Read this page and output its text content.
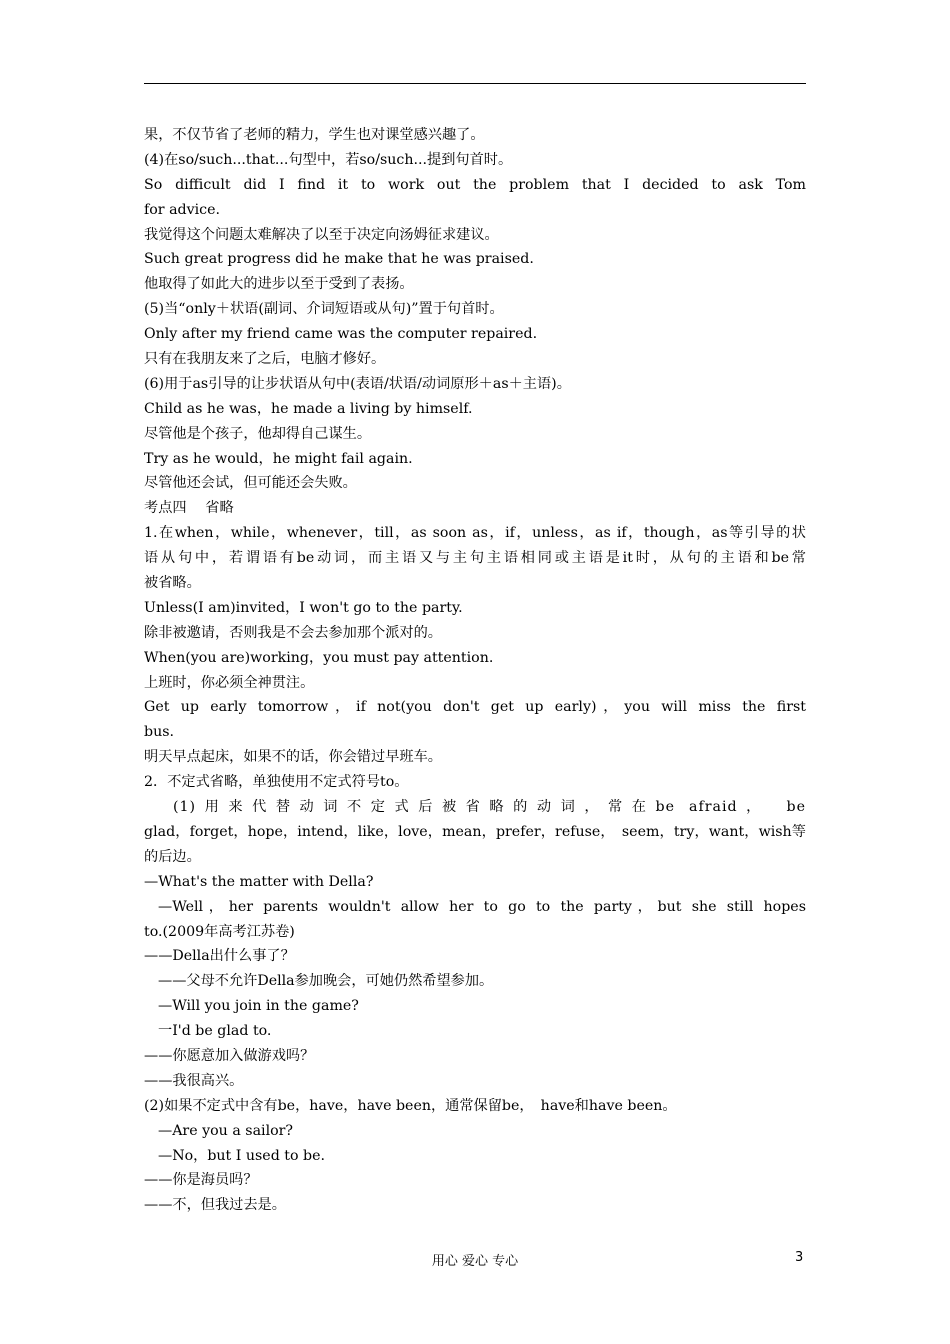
果，不仅节省了老师的精力，学生也对课堂感兴趣了。
(4)在so/such...that...句型中，若so/such...提到句首时。
So difficult did I find it to work out the problem that I decided to ask Tom
for advice.
我觉得这个问题太难解决了以至于决定向汤姆征求建议。
Such great progress did he make that he was praised.
他取得了如此大的进步以至于受到了表扬。
(5)当“only＋状语(副词、介词短语或从句)”置于句首时。
Only after my friend came was the computer repaired.
只有在我朋友来了之后，电脑才修好。
(6)用于as引导的让步状语从句中(表语/状语/动词原形＋as＋主语)。
Child as he was，he made a living by himself.
尽管他是个孩子，他却得自己谋生。
Try as he would，he might fail again.
尽管他还会试，但可能还会失败。
考点四　 省略
1.在when，while，whenever，till，as soon as，if，unless，as if，though，as等引导的状
语从句中，若谓语有be动词，而主语又与主句主语相同或主语是it时，从句的主语和be常
被省略。
Unless(I am)invited，I won't go to the party.
除非被邀请，否则我是不会去参加那个派对的。
When(you are)working，you must pay attention.
上班时，你必须全神贯注。
Get up early tomorrow，if not(you don't get up early)，you will miss the first
bus.
明天早点起床，如果不的话，你会错过早班车。
2．不定式省略，单独使用不定式符号to。
(1)用来代替动词不定式后被省略的动词，常在be afraid，　be
glad，forget，hope，intend，like，love，mean，prefer，refuse，　seem，try，want，wish等
的后边。
—What's the matter with Della?
—Well，her parents wouldn't allow her to go to the party，but she still hopes
to.(2009年高考江苏卷)
——Della出什么事了？
——父母不允许Della参加晚会，可她仍然希望参加。
—Will you join in the game?
一I'd be glad to.
——你愿意加入做游戏吗？
——我很高兴。
(2)如果不定式中含有be，have，have been，通常保留be，　have和have been。
—Are you a sailor?
—No，but I used to be.
——你是海员吗？
——不，但我过去是。
用心 爱心 专心	3
